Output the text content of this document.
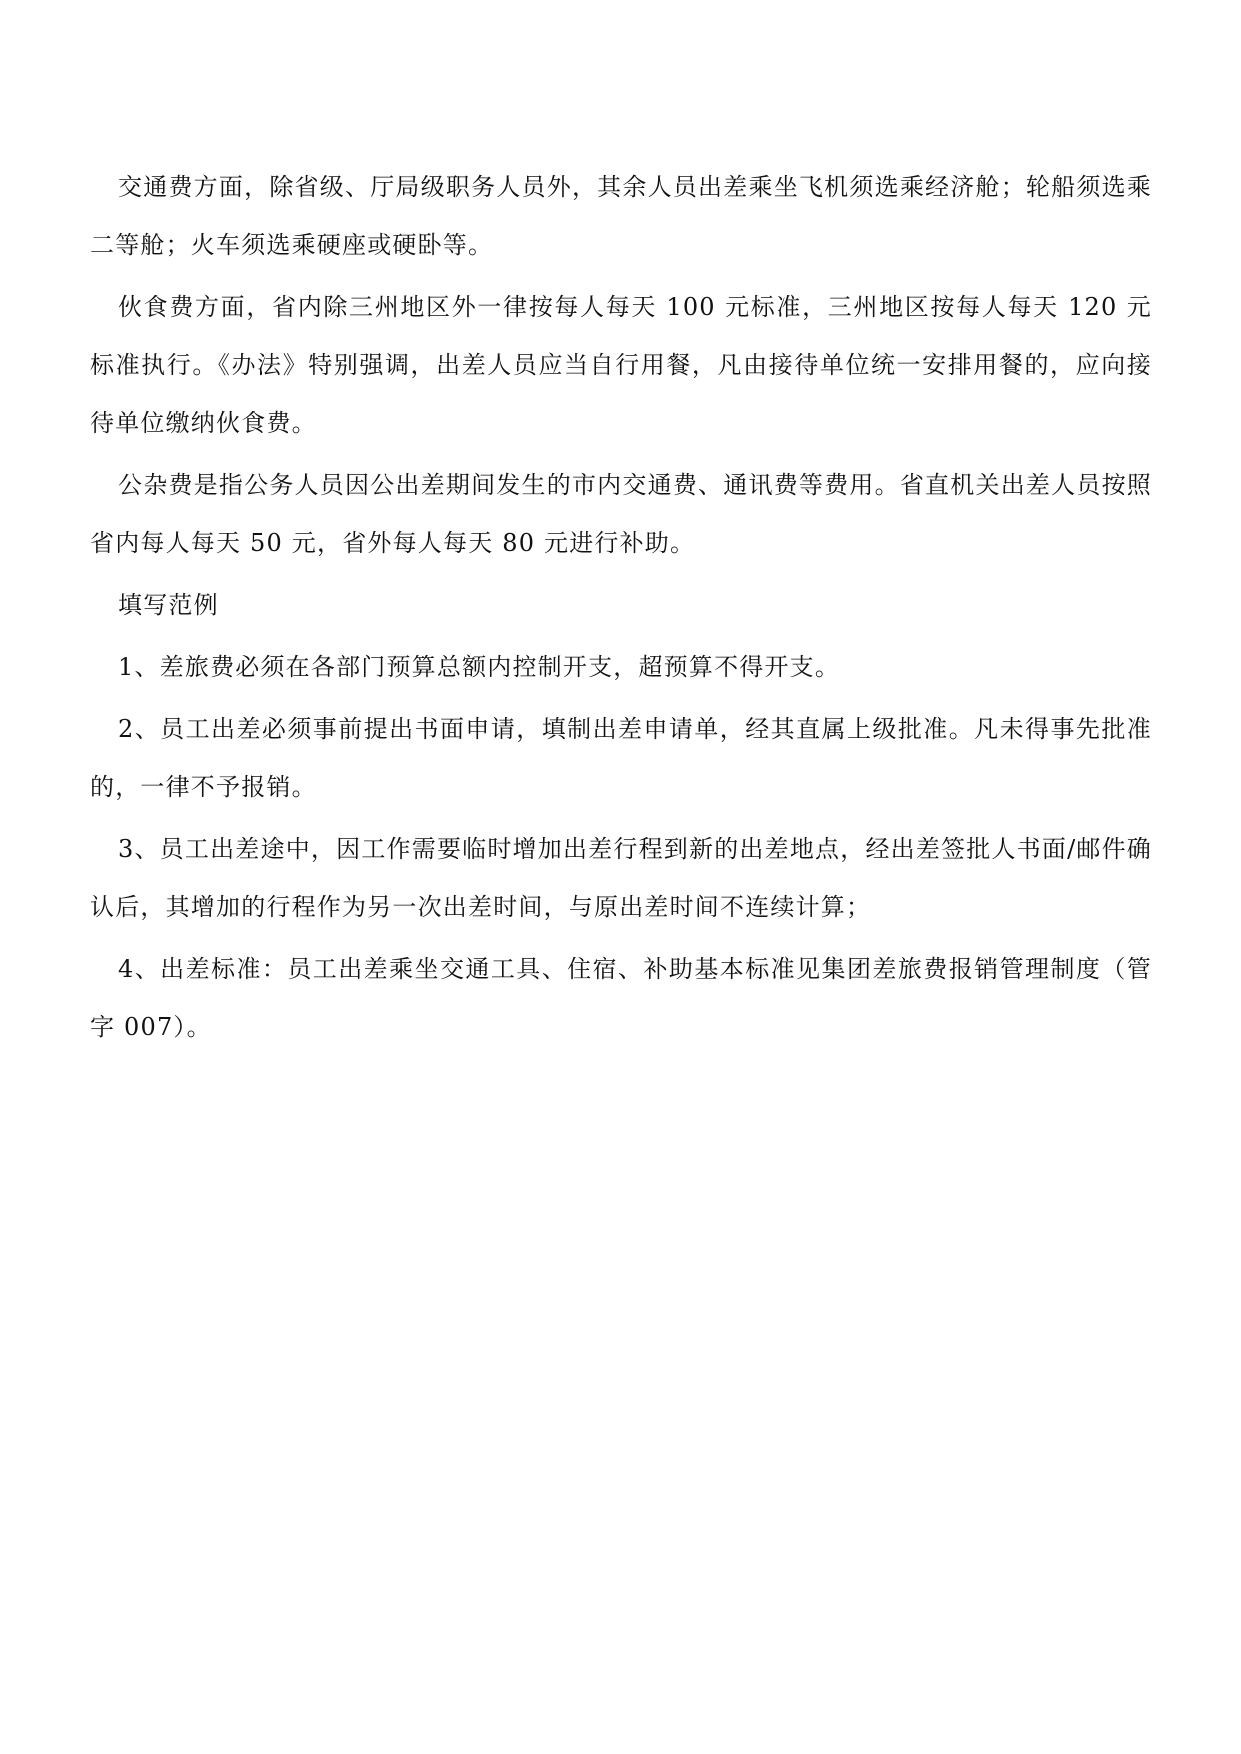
交通费方面，除省级、厅局级职务人员外，其余人员出差乘坐飞机须选乘经济舱；轮船须选乘二等舱；火车须选乘硬座或硬卧等。

伙食费方面，省内除三州地区外一律按每人每天 100 元标准，三州地区按每人每天 120 元标准执行。《办法》特别强调，出差人员应当自行用餐，凡由接待单位统一安排用餐的，应向接待单位缴纳伙食费。

公杂费是指公务人员因公出差期间发生的市内交通费、通讯费等费用。省直机关出差人员按照省内每人每天 50 元，省外每人每天 80 元进行补助。

填写范例

1、差旅费必须在各部门预算总额内控制开支，超预算不得开支。

2、员工出差必须事前提出书面申请，填制出差申请单，经其直属上级批准。凡未得事先批准的，一律不予报销。

3、员工出差途中，因工作需要临时增加出差行程到新的出差地点，经出差签批人书面/邮件确认后，其增加的行程作为另一次出差时间，与原出差时间不连续计算；

4、出差标准：员工出差乘坐交通工具、住宿、补助基本标准见集团差旅费报销管理制度（管字 007）。
